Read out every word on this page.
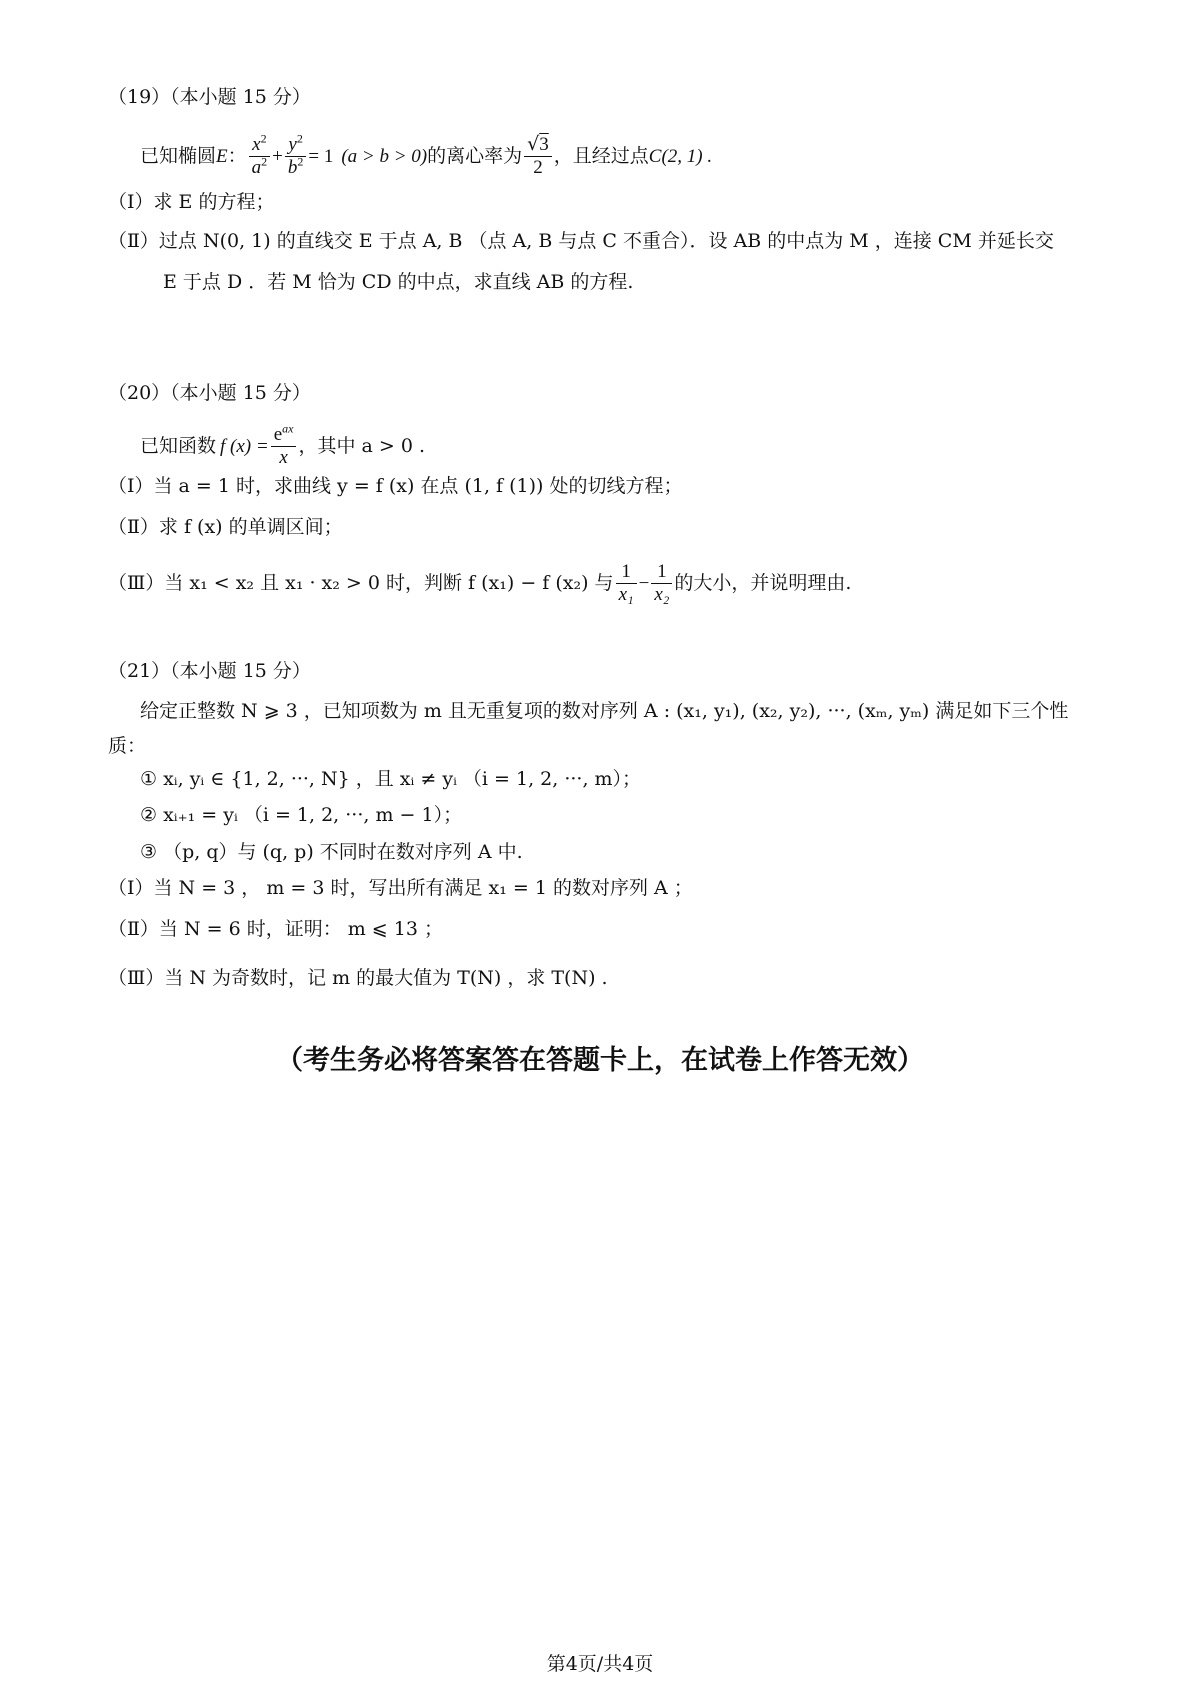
（19）（本小题 15 分）
已知椭圆 E ： $\frac{x^2}{a^2} + \frac{y^2}{b^2} = 1$ (a > b > 0) 的离心率为 $\frac{√3}{2}$ ，且经过点 C(2, 1) .
（Ⅰ）求 E 的方程；
（Ⅱ）过点 N(0, 1) 的直线交 E 于点 A, B （点 A, B 与点 C 不重合）．设 AB 的中点为 M ，连接 CM 并延长交
E 于点 D ．若 M 恰为 CD 的中点，求直线 AB 的方程.
（20）（本小题 15 分）
已知函数 f $(x) = \frac{e^{ax}}{x}$ ，其中 a > 0 .
（Ⅰ）当 a = 1 时，求曲线 y = f (x) 在点 (1, f (1)) 处的切线方程；
（Ⅱ）求 f (x) 的单调区间；
（Ⅲ） 当 x₁ < x₂ 且 x₁ · x₂ > 0 时，判断 f (x₁) − f (x₂) 与 $\frac{1}{\text{x₁}} - \frac{1}{\text{x₂}}$ 的大小，并说明理由.
（21）（本小题 15 分）
给定正整数 N ⩾ 3 ，已知项数为 m 且无重复项的数对序列 A : (x₁, y₁), (x₂, y₂), ···, (xₘ, yₘ) 满足如下三个性
质：
① xᵢ, yᵢ ∈ {1, 2, ···, N} ，且 xᵢ ≠ yᵢ （i = 1, 2, ···, m）；
② xᵢ₊₁ = yᵢ （i = 1, 2, ···, m − 1）；
③ （p, q）与 (q, p) 不同时在数对序列 A 中.
（Ⅰ）当 N = 3 ， m = 3 时，写出所有满足 x₁ = 1 的数对序列 A ；
（Ⅱ）当 N = 6 时，证明： m ⩽ 13 ；
（Ⅲ）当 N 为奇数时，记 m 的最大值为 T(N) ，求 T(N) .
（考生务必将答案答在答题卡上，在试卷上作答无效）
第4页/共4页
